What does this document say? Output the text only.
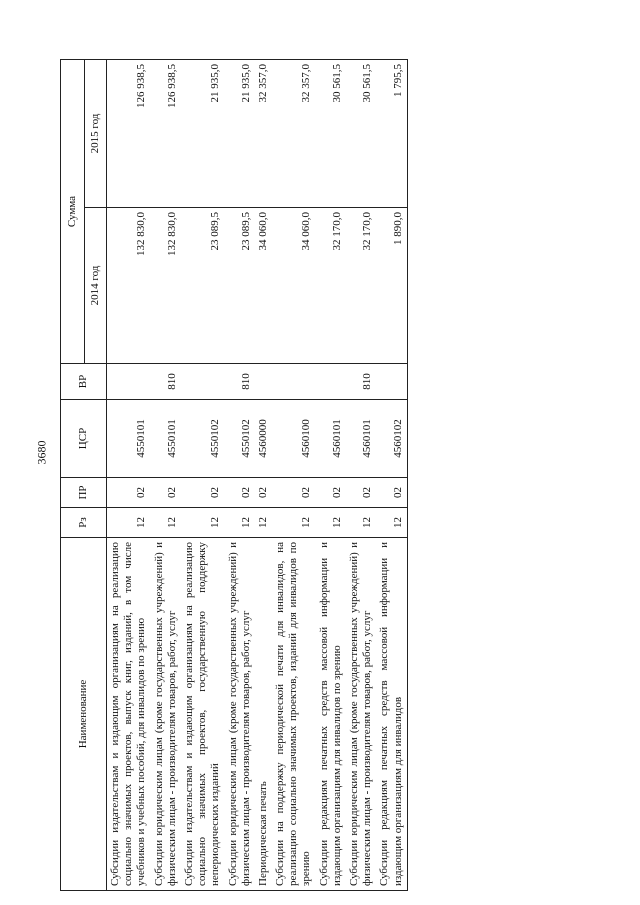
3680
Наименование	Рз	ПР	ЦСР	ВР	Сумма	
					2014 год	2015 год
Субсидии издательствам и издающим организациям на реализацию социально значимых проектов, выпуск книг, изданий, в том числе учебников и учебных пособий, для инвалидов по зрению	12	02	4550101		132 830,0	126 938,5
Субсидии юридическим лицам (кроме государственных учреждений) и физическим лицам - производителям товаров, работ, услуг	12	02	4550101	810	132 830,0	126 938,5
Субсидии издательствам и издающим организациям на реализацию социально значимых проектов, государственную поддержку непериодических изданий	12	02	4550102		23 089,5	21 935,0
Субсидии юридическим лицам (кроме государственных учреждений) и физическим лицам - производителям товаров, работ, услуг	12	02	4550102	810	23 089,5	21 935,0
Периодическая печать	12	02	4560000		34 060,0	32 357,0
Субсидии на поддержку периодической печати для инвалидов, на реализацию социально значимых проектов, изданий для инвалидов по зрению	12	02	4560100		34 060,0	32 357,0
Субсидии редакциям печатных средств массовой информации и издающим организациям для инвалидов по зрению	12	02	4560101		32 170,0	30 561,5
Субсидии юридическим лицам (кроме государственных учреждений) и физическим лицам - производителям товаров, работ, услуг	12	02	4560101	810	32 170,0	30 561,5
Субсидии редакциям печатных средств массовой информации и издающим организациям для инвалидов	12	02	4560102		1 890,0	1 795,5
